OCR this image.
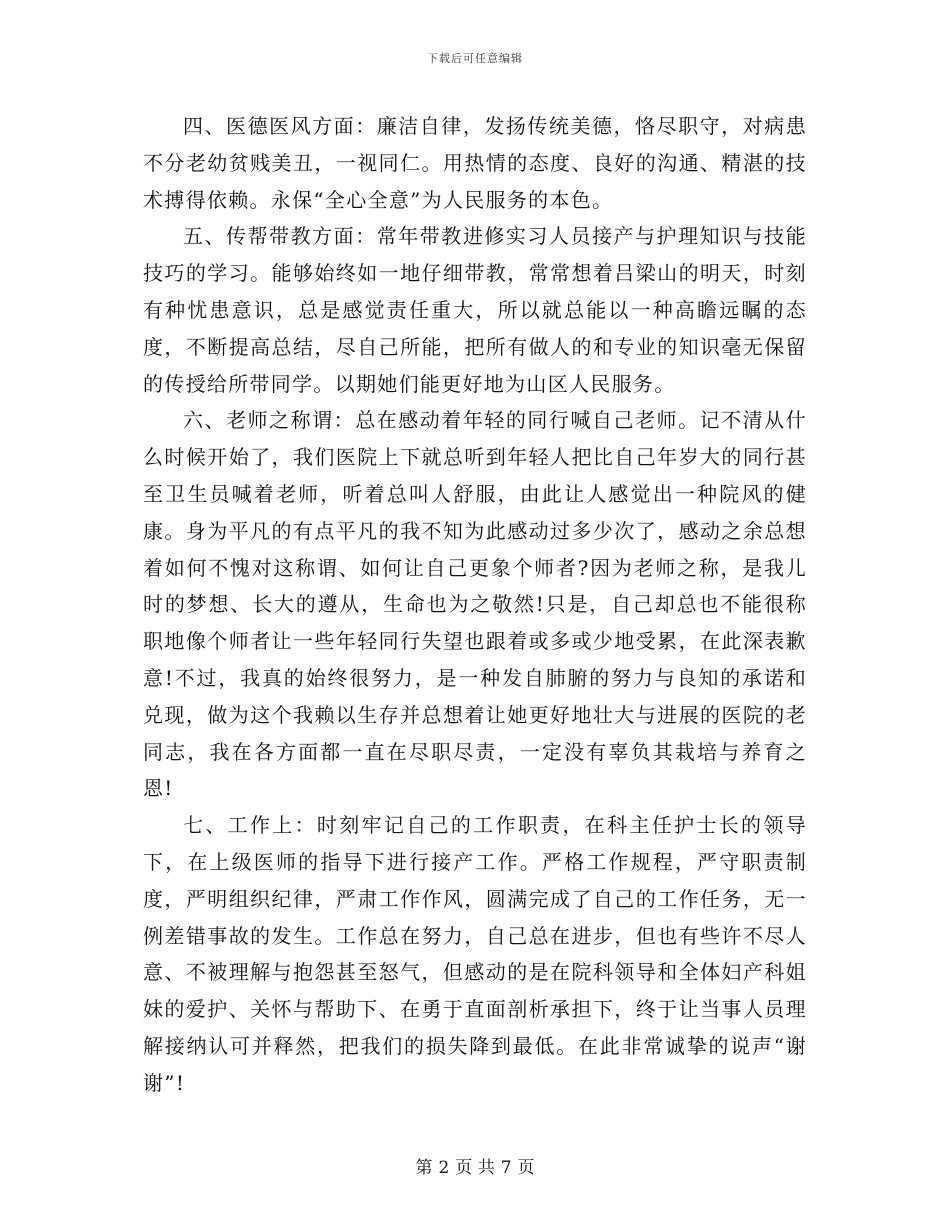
下载后可任意编辑

四、医德医风方面：廉洁自律，发扬传统美德，恪尽职守，对病患不分老幼贫贱美丑，一视同仁。用热情的态度、良好的沟通、精湛的技术搏得依赖。永保“全心全意”为人民服务的本色。

五、传帮带教方面：常年带教进修实习人员接产与护理知识与技能技巧的学习。能够始终如一地仔细带教，常常想着吕梁山的明天，时刻有种忧患意识，总是感觉责任重大，所以就总能以一种高瞻远瞩的态度，不断提高总结，尽自己所能，把所有做人的和专业的知识毫无保留的传授给所带同学。以期她们能更好地为山区人民服务。

六、老师之称谓：总在感动着年轻的同行喊自己老师。记不清从什么时候开始了，我们医院上下就总听到年轻人把比自己年岁大的同行甚至卫生员喊着老师，听着总叫人舒服，由此让人感觉出一种院风的健康。身为平凡的有点平凡的我不知为此感动过多少次了，感动之余总想着如何不愧对这称谓、如何让自己更象个师者?因为老师之称，是我儿时的梦想、长大的遵从，生命也为之敬然!只是，自己却总也不能很称职地像个师者让一些年轻同行失望也跟着或多或少地受累，在此深表歉意!不过，我真的始终很努力，是一种发自肺腑的努力与良知的承诺和兑现，做为这个我赖以生存并总想着让她更好地壮大与进展的医院的老同志，我在各方面都一直在尽职尽责，一定没有辜负其栽培与养育之恩!

七、工作上：时刻牢记自己的工作职责，在科主任护士长的领导下，在上级医师的指导下进行接产工作。严格工作规程，严守职责制度，严明组织纪律，严肃工作作风，圆满完成了自己的工作任务，无一例差错事故的发生。工作总在努力，自己总在进步，但也有些许不尽人意、不被理解与抱怨甚至怒气，但感动的是在院科领导和全体妇产科姐妹的爱护、关怀与帮助下、在勇于直面剖析承担下，终于让当事人员理解接纳认可并释然，把我们的损失降到最低。在此非常诚挚的说声“谢谢”!

第 2 页 共 7 页
